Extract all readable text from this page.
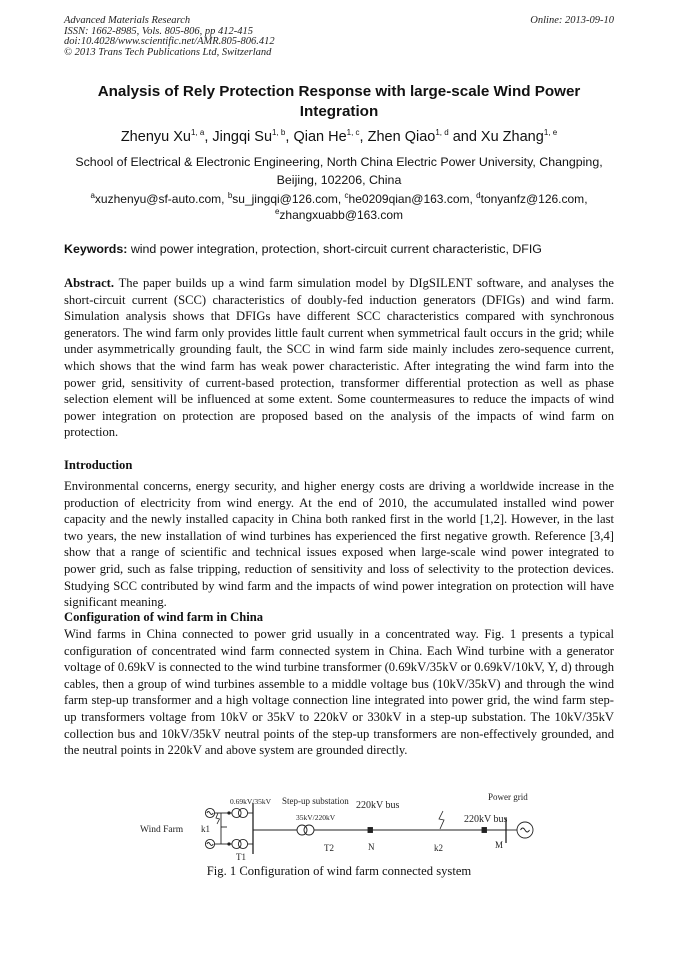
Advanced Materials Research
ISSN: 1662-8985, Vols. 805-806, pp 412-415
doi:10.4028/www.scientific.net/AMR.805-806.412
© 2013 Trans Tech Publications Ltd, Switzerland
Online: 2013-09-10
Analysis of Rely Protection Response with large-scale Wind Power Integration
Zhenyu Xu$^{1, a}$, Jingqi Su$^{1, b}$, Qian He$^{1, c}$, Zhen Qiao$^{1, d}$ and Xu Zhang$^{1, e}$
School of Electrical & Electronic Engineering, North China Electric Power University, Changping, Beijing, 102206, China
$^a$xuzhenyu@sf-auto.com, $^b$su_jingqi@126.com, $^c$he0209qian@163.com, $^d$tonyanfz@126.com,
$^e$zhangxuabb@163.com
Keywords: wind power integration, protection, short-circuit current characteristic, DFIG
Abstract. The paper builds up a wind farm simulation model by DIgSILENT software, and analyses the short-circuit current (SCC) characteristics of doubly-fed induction generators (DFIGs) and wind farm. Simulation analysis shows that DFIGs have different SCC characteristics compared with synchronous generators. The wind farm only provides little fault current when symmetrical fault occurs in the grid; while under asymmetrically grounding fault, the SCC in wind farm side mainly includes zero-sequence current, which shows that the wind farm has weak power characteristic. After integrating the wind farm into the power grid, sensitivity of current-based protection, transformer differential protection as well as phase selection element will be influenced at some extent. Some countermeasures to reduce the impacts of wind power integration on protection are proposed based on the analysis of the impacts of wind farm on protection.
Introduction
Environmental concerns, energy security, and higher energy costs are driving a worldwide increase in the production of electricity from wind energy. At the end of 2010, the accumulated installed wind power capacity and the newly installed capacity in China both ranked first in the world [1,2]. However, in the last two years, the new installation of wind turbines has experienced the first negative growth. Reference [3,4] show that a range of scientific and technical issues exposed when large-scale wind power integrated to power grid, such as false tripping, reduction of sensitivity and loss of selectivity to the protection devices. Studying SCC contributed by wind farm and the impacts of wind power integration on protection will have significant meaning.
Configuration of wind farm in China
Wind farms in China connected to power grid usually in a concentrated way. Fig. 1 presents a typical configuration of concentrated wind farm connected system in China. Each Wind turbine with a generator voltage of 0.69kV is connected to the wind turbine transformer (0.69kV/35kV or 0.69kV/10kV, Y, d) through cables, then a group of wind turbines assemble to a middle voltage bus (10kV/35kV) and through the wind farm step-up transformer and a high voltage connection line integrated into power grid, the wind farm step-up transformers voltage from 10kV or 35kV to 220kV or 330kV in a step-up substation. The 10kV/35kV collection bus and 10kV/35kV neutral points of the step-up transformers are non-effectively grounded, and the neutral points in 220kV and above system are grounded directly.
0.69kV/35kV Step-up substation 220kV bus
Power grid
35kV/220kV	220kV bus
Wind Farm k1
T1
T2	N	k2	M
Fig. 1 Configuration of wind farm connected system
